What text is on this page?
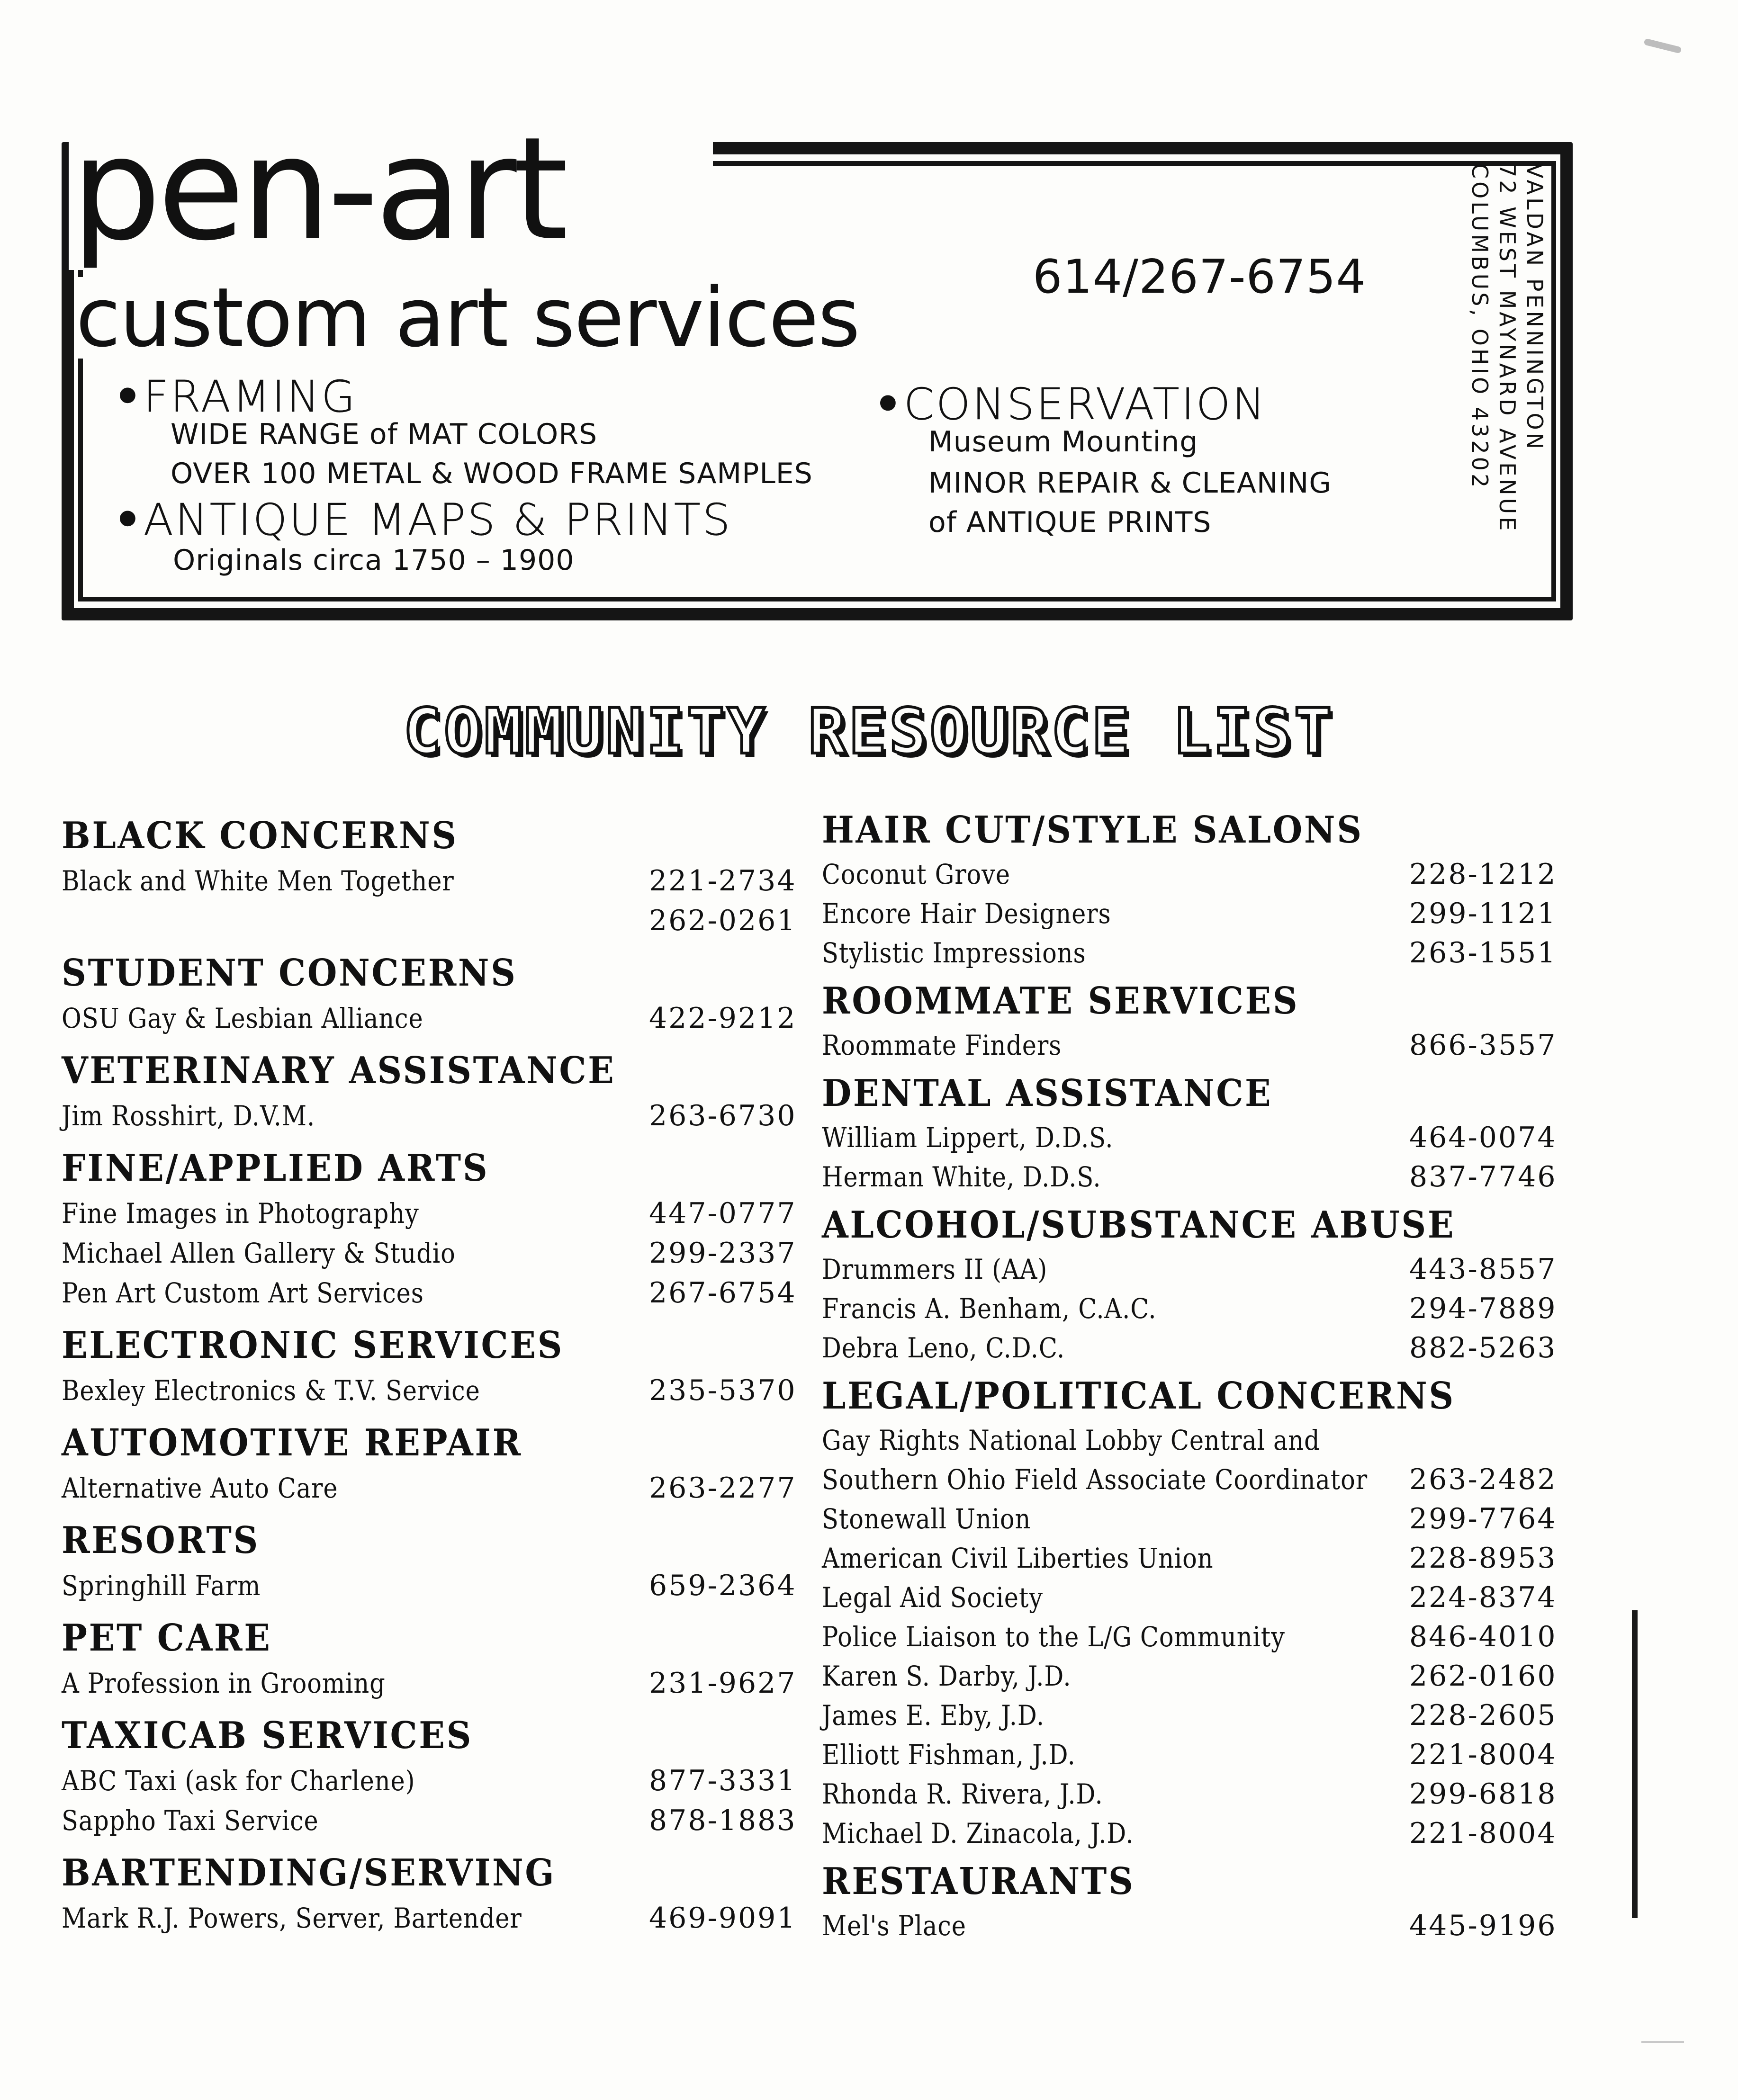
pen-art
custom art services	614/267-6754
•FRAMING
WIDE RANGE of MAT COLORS
OVER 100 METAL & WOOD FRAME SAMPLES
•ANTIQUE MAPS & PRINTS
Originals circa 1750 – 1900
•CONSERVATION
Museum Mounting
MINOR REPAIR & CLEANING
of ANTIQUE PRINTS
VALDAN PENNINGTON
72 WEST MAYNARD AVENUE
COLUMBUS, OHIO 43202
COMMUNITY RESOURCE LIST
BLACK CONCERNS
Black and White Men Together	221-2734
262-0261
STUDENT CONCERNS
OSU Gay & Lesbian Alliance	422-9212
VETERINARY ASSISTANCE
Jim Rosshirt, D.V.M.	263-6730
FINE/APPLIED ARTS
Fine Images in Photography	447-0777
Michael Allen Gallery & Studio	299-2337
Pen Art Custom Art Services	267-6754
ELECTRONIC SERVICES
Bexley Electronics & T.V. Service	235-5370
AUTOMOTIVE REPAIR
Alternative Auto Care	263-2277
RESORTS
Springhill Farm	659-2364
PET CARE
A Profession in Grooming	231-9627
TAXICAB SERVICES
ABC Taxi (ask for Charlene)	877-3331
Sappho Taxi Service	878-1883
BARTENDING/SERVING
Mark R.J. Powers, Server, Bartender	469-9091
HAIR CUT/STYLE SALONS
Coconut Grove	228-1212
Encore Hair Designers	299-1121
Stylistic Impressions	263-1551
ROOMMATE SERVICES
Roommate Finders	866-3557
DENTAL ASSISTANCE
William Lippert, D.D.S.	464-0074
Herman White, D.D.S.	837-7746
ALCOHOL/SUBSTANCE ABUSE
Drummers II (AA)	443-8557
Francis A. Benham, C.A.C.	294-7889
Debra Leno, C.D.C.	882-5263
LEGAL/POLITICAL CONCERNS
Gay Rights National Lobby Central and
Southern Ohio Field Associate Coordinator 263-2482
Stonewall Union	299-7764
American Civil Liberties Union	228-8953
Legal Aid Society	224-8374
Police Liaison to the L/G Community	846-4010
Karen S. Darby, J.D.	262-0160
James E. Eby, J.D.	228-2605
Elliott Fishman, J.D.	221-8004
Rhonda R. Rivera, J.D.	299-6818
Michael D. Zinacola, J.D.	221-8004
RESTAURANTS
Mel's Place	445-9196
